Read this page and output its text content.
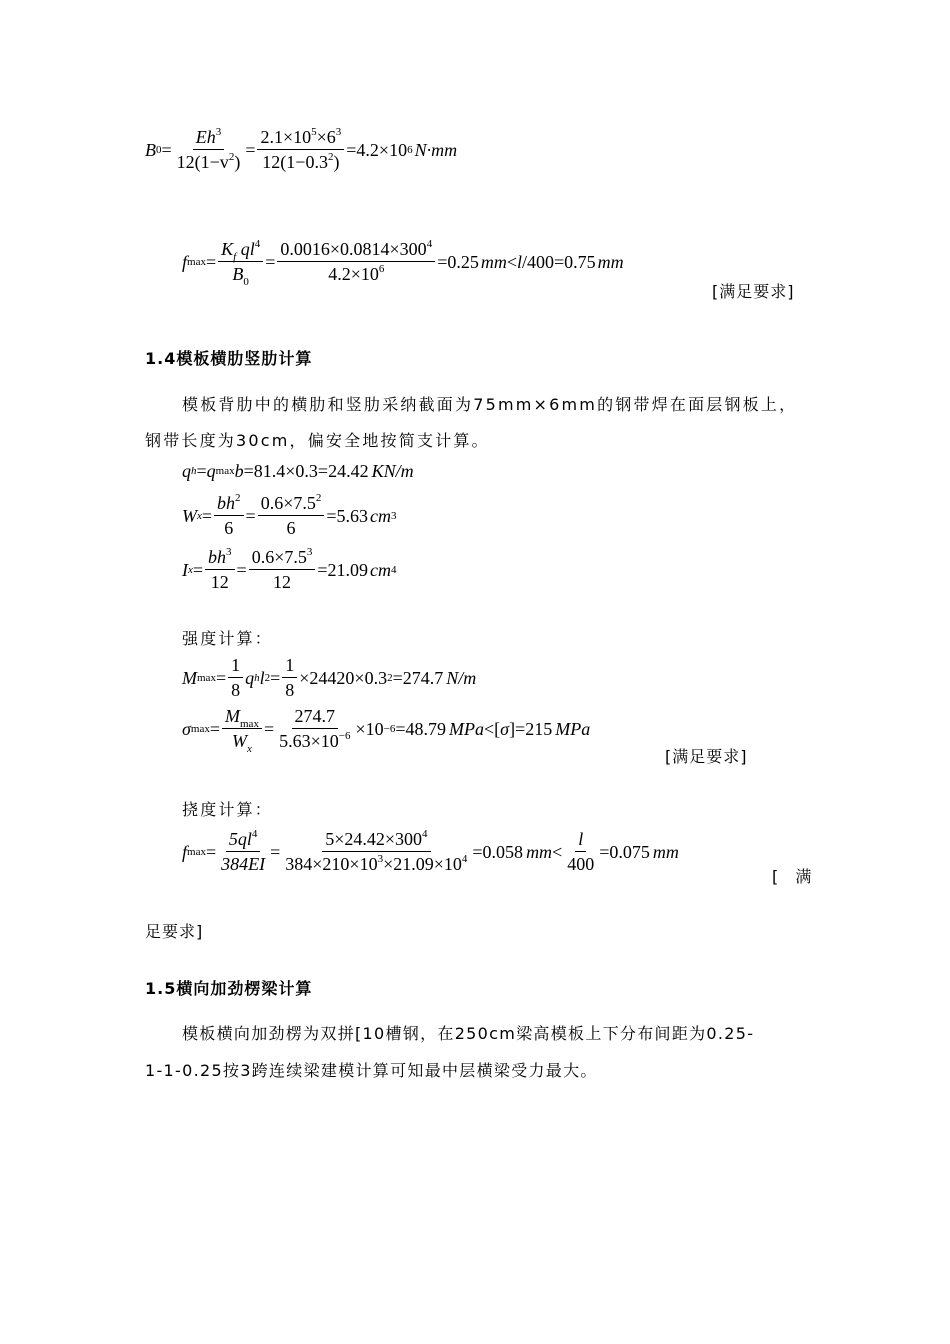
B $0 = \frac{Eh^3}{12(1-v^2)} = \frac{2.1\times 10^5\times 6^3}{12(1-0.3^2)} =4.2\times 10$ 6 N·mm
f $\max = \frac{K_f ql^4}{B_0} = \frac{0.0016\times 0.0814\times 300^4}{4.2\times 10^6} =0.25$ mm < l /400=0.75 mm
[满足要求]
1.4模板横肋竖肋计算
模板背肋中的横肋和竖肋采纳截面为75mm×6mm的钢带焊在面层钢板上，
钢带长度为30cm，偏安全地按简支计算。
q h = q max b =81.4×0.3=24.42 KN/m
W $x = \frac{bh^2}{6} = \frac{0.6\times 7.5^2}{6} =5.63$ cm 3
I $x = \frac{bh^3}{12} = \frac{0.6\times 7.5^3}{12} =21.09$ cm 4
强度计算：
M $\max = \frac{1}{8}$ q h l $2 = \frac{1}{8} \times 24420\times 0.3$ 2 =274.7 N/m
σ $\max = \frac{M_{max}}{W_x} = \frac{274.7}{5.63\times 10^{-6}} \times 10 -6 =48.79$ MPa <[ σ ]=215 MPa
[满足要求]
挠度计算：
f $\max = \frac{5ql^4}{384EI} = \frac{5\times 24.42\times 300^4}{384\times 210\times 10^3\times 21.09\times 10^4} =0.058$ mm < $\frac{l}{400} =0.075$ mm
[ 满
足要求]
1.5横向加劲楞梁计算
模板横向加劲楞为双拼[10槽钢，在250cm梁高模板上下分布间距为0.25-
1-1-0.25按3跨连续梁建模计算可知最中层横梁受力最大。
